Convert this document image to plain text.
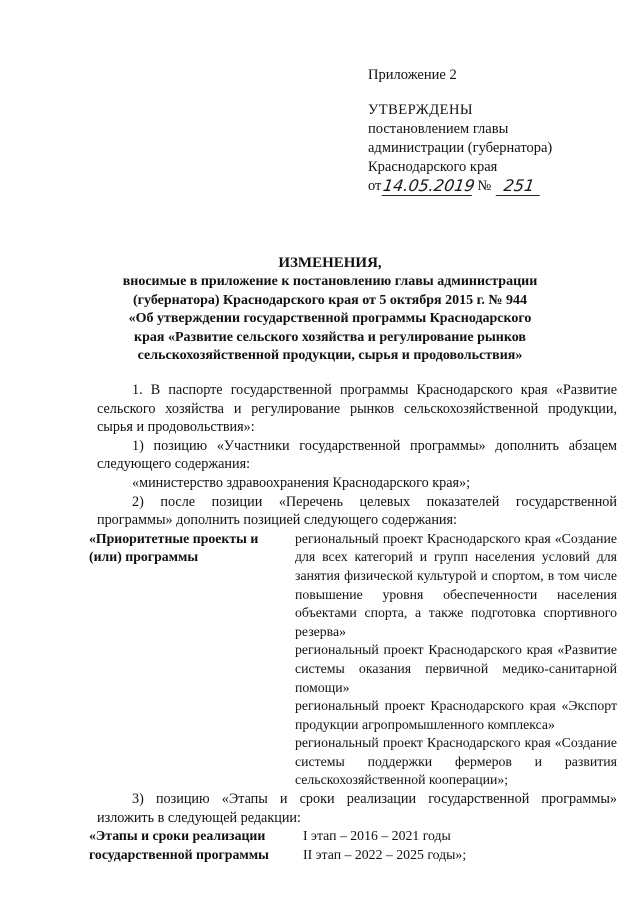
Приложение 2
УТВЕРЖДЕНЫ
постановлением главы
администрации (губернатора)
Краснодарского края
от 14.05.2019 № 251
ИЗМЕНЕНИЯ,
вносимые в приложение к постановлению главы администрации
(губернатора) Краснодарского края от 5 октября 2015 г. № 944
«Об утверждении государственной программы Краснодарского
края «Развитие сельского хозяйства и регулирование рынков
сельскохозяйственной продукции, сырья и продовольствия»

1. В паспорте государственной программы Краснодарского края «Развитие сельского хозяйства и регулирование рынков сельскохозяйственной продукции, сырья и продовольствия»:

1) позицию «Участники государственной программы» дополнить абзацем следующего содержания:

«министерство здравоохранения Краснодарского края»;

2) после позиции «Перечень целевых показателей государственной программы» дополнить позицией следующего содержания:

«Приоритетные проекты и (или) программы

региональный проект Краснодарского края «Создание для всех категорий и групп населения условий для занятия физической культурой и спортом, в том числе повышение уровня обеспеченности населения объектами спорта, а также подготовка спортивного резерва»

региональный проект Краснодарского края «Развитие системы оказания первичной медико-санитарной помощи»

региональный проект Краснодарского края «Экспорт продукции агропромышленного комплекса»

региональный проект Краснодарского края «Создание системы поддержки фермеров и развития сельскохозяйственной кооперации»;

3) позицию «Этапы и сроки реализации государственной программы» изложить в следующей редакции:

«Этапы и сроки реализации государственной программы
I этап – 2016 – 2021 годы
II этап – 2022 – 2025 годы»;
